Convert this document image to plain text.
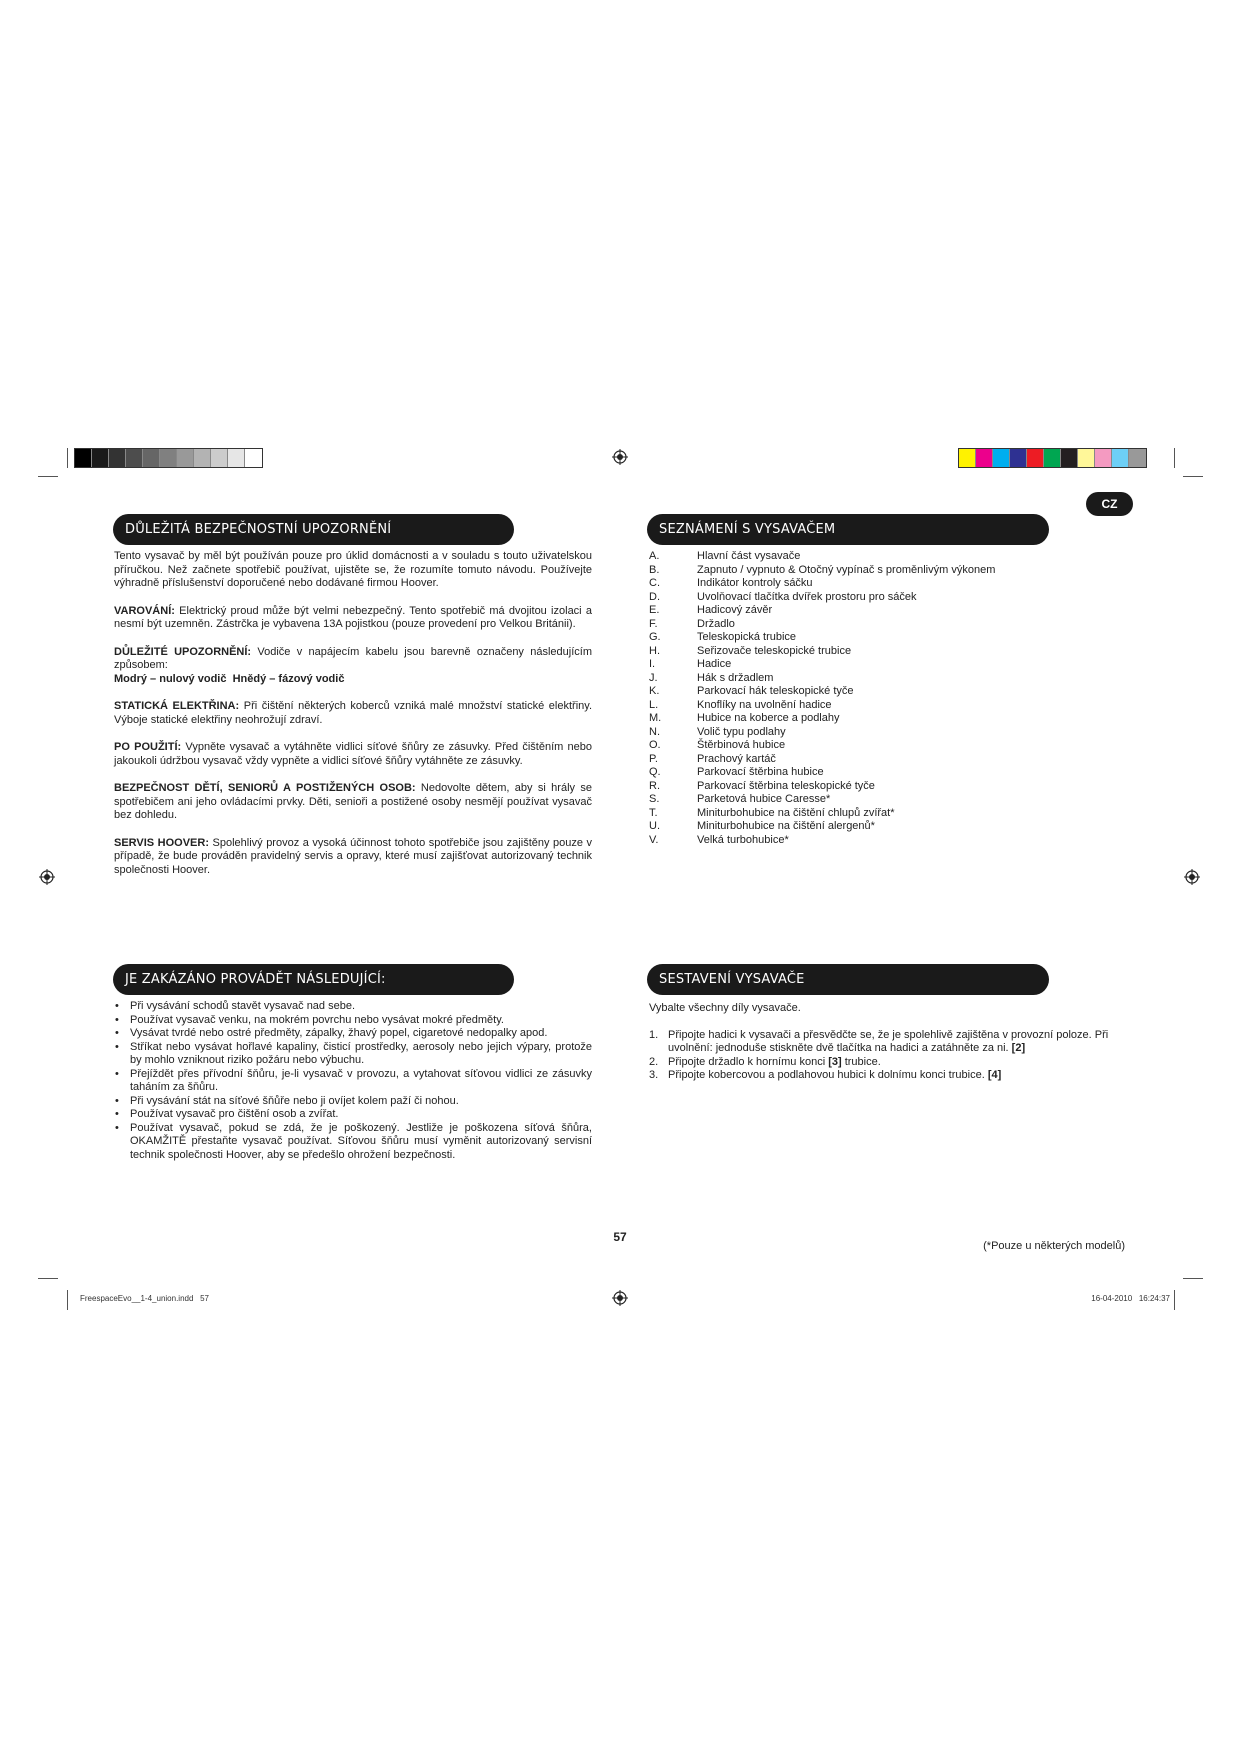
CZ
DŮLEŽITÁ BEZPEČNOSTNÍ UPOZORNĚNÍ

Tento vysavač by měl být používán pouze pro úklid domácnosti a v souladu s touto uživatelskou příručkou. Než začnete spotřebič používat, ujistěte se, že rozumíte tomuto návodu. Používejte výhradně příslušenství doporučené nebo dodávané firmou Hoover.

VAROVÁNÍ: Elektrický proud může být velmi nebezpečný. Tento spotřebič má dvojitou izolaci a nesmí být uzemněn. Zástrčka je vybavena 13A pojistkou (pouze provedení pro Velkou Británii).

DŮLEŽITÉ UPOZORNĚNÍ: Vodiče v napájecím kabelu jsou barevně označeny následujícím způsobem:

Modrý – nulový vodič  Hnědý – fázový vodič

STATICKÁ ELEKTŘINA: Při čištění některých koberců vzniká malé množství statické elektřiny. Výboje statické elektřiny neohrožují zdraví.

PO POUŽITÍ: Vypněte vysavač a vytáhněte vidlici síťové šňůry ze zásuvky. Před čištěním nebo jakoukoli údržbou vysavač vždy vypněte a vidlici síťové šňůry vytáhněte ze zásuvky.

BEZPEČNOST DĚTÍ, SENIORŮ A POSTIŽENÝCH OSOB: Nedovolte dětem, aby si hrály se spotřebičem ani jeho ovládacími prvky. Děti, senioři a postižené osoby nesmějí používat vysavač bez dohledu.

SERVIS HOOVER: Spolehlivý provoz a vysoká účinnost tohoto spotřebiče jsou zajištěny pouze v případě, že bude prováděn pravidelný servis a opravy, které musí zajišťovat autorizovaný technik společnosti Hoover.

JE ZAKÁZÁNO PROVÁDĚT NÁSLEDUJÍCÍ:
• Při vysávání schodů stavět vysavač nad sebe.
• Používat vysavač venku, na mokrém povrchu nebo vysávat mokré předměty.
• Vysávat tvrdé nebo ostré předměty, zápalky, žhavý popel, cigaretové nedopalky apod.
• Stříkat nebo vysávat hořlavé kapaliny, čisticí prostředky, aerosoly nebo jejich výpary, protože by mohlo vzniknout riziko požáru nebo výbuchu.
• Přejíždět přes přívodní šňůru, je-li vysavač v provozu, a vytahovat síťovou vidlici ze zásuvky taháním za šňůru.
• Při vysávání stát na síťové šňůře nebo ji ovíjet kolem paží či nohou.
• Používat vysavač pro čištění osob a zvířat.
• Používat vysavač, pokud se zdá, že je poškozený. Jestliže je poškozena síťová šňůra, OKAMŽITĚ přestaňte vysavač používat. Síťovou šňůru musí vyměnit autorizovaný servisní technik společnosti Hoover, aby se předešlo ohrožení bezpečnosti.
SEZNÁMENÍ S VYSAVAČEM
A.	Hlavní část vysavače
B.	Zapnuto / vypnuto & Otočný vypínač s proměnlivým výkonem
C.	Indikátor kontroly sáčku
D.	Uvolňovací tlačítka dvířek prostoru pro sáček
E.	Hadicový závěr
F.	Držadlo
G.	Teleskopická trubice
H.	Seřizovače teleskopické trubice
I.	Hadice
J.	Hák s držadlem
K.	Parkovací hák teleskopické tyče
L.	Knoflíky na uvolnění hadice
M.	Hubice na koberce a podlahy
N.	Volič typu podlahy
O.	Štěrbinová hubice
P.	Prachový kartáč
Q.	Parkovací štěrbina hubice
R.	Parkovací štěrbina teleskopické tyče
S.	Parketová hubice Caresse*
T.	Miniturbohubice na čištění chlupů zvířat*
U.	Miniturbohubice na čištění alergenů*
V.	Velká turbohubice*
SESTAVENÍ VYSAVAČE
Vybalte všechny díly vysavače.
1. Připojte hadici k vysavači a přesvědčte se, že je spolehlivě zajištěna v provozní poloze. Při uvolnění: jednoduše stiskněte dvě tlačítka na hadici a zatáhněte za ni. [2]
2. Připojte držadlo k hornímu konci [3] trubice.
3. Připojte kobercovou a podlahovou hubici k dolnímu konci trubice. [4]
57
(*Pouze u některých modelů)
FreespaceEvo__1-4_union.indd   57	16-04-2010   16:24:37
